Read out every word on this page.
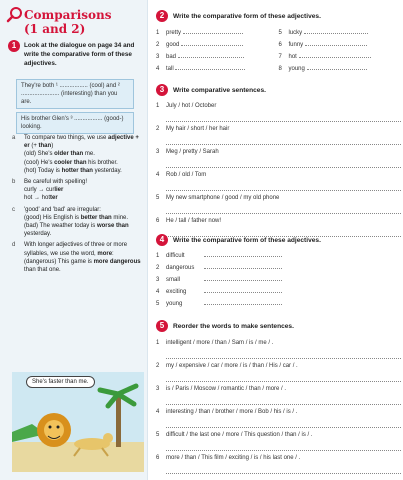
Comparisons
(1 and 2)
1	Look at the dialogue on page 34 and write the comparative form of these adjectives.
They're both ¹ ................. (cool) and ² ....................... (interesting) than you are.
His brother Glen's ³ ................. (good-) looking.
a To compare two things, we use adjective + er (+ than)
(old) She's older than me.
(cool) He's cooler than his brother.
(hot) Today is hotter than yesterday.
b Be careful with spelling!
curly → curlier
hot → hotter
c 'good' and 'bad' are irregular:
(good) His English is better than mine.
(bad) The weather today is worse than yesterday.
d With longer adjectives of three or more syllables, we use the word, more:
(dangerous) This game is more dangerous than that one.
She's faster than me.
2 Write the comparative form of these adjectives.
1 pretty
2 good
3 bad
4 tall
5 lucky
6 funny
7 hot
8 young
3 Write comparative sentences.
1 July / hot / October
2 My hair / short / her hair
3 Meg / pretty / Sarah
4 Rob / old / Tom
5 My new smartphone / good / my old phone
6 He / tall / father now!
4 Write the comparative form of these adjectives.
1 difficult
2 dangerous
3 small
4 exciting
5 young
5 Reorder the words to make sentences.
1 intelligent / more / than / Sam / is / me / .
2 my / expensive / car / more / is / than / His / car / .
3 is / Paris / Moscow / romantic / than / more / .
4 interesting / than / brother / more / Bob / his / is / .
5 difficult / the last one / more / This question / than / is / .
6 more / than / This film / exciting / is / his last one / .
